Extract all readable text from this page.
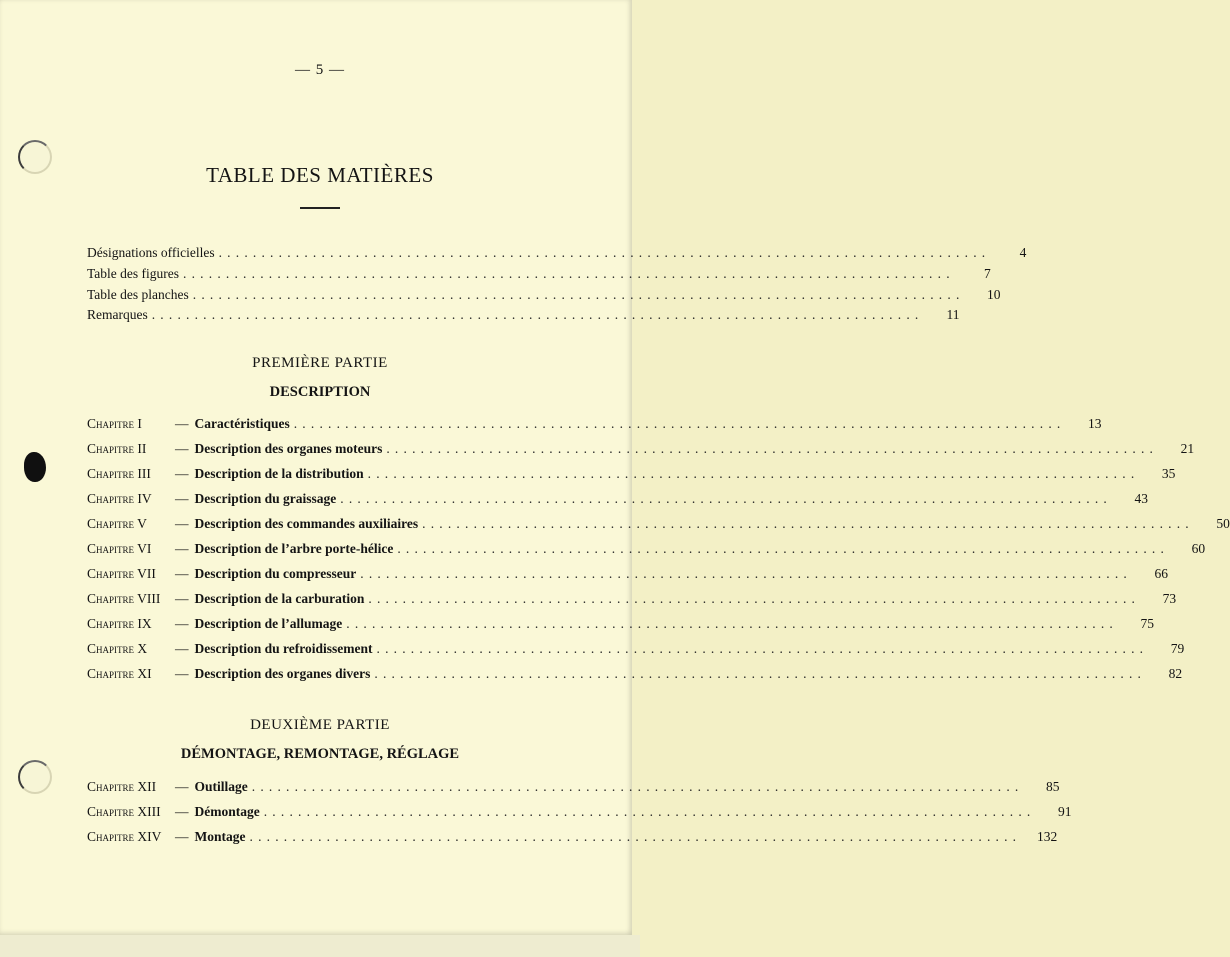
— 5 —
TABLE DES MATIÈRES
Désignations officielles ..........................................................................................	4
Table des figures ..........................................................................................	7
Table des planches ..........................................................................................	10
Remarques ..........................................................................................	11
PREMIÈRE PARTIE
DESCRIPTION
Chapitre I	— Caractéristiques ..........................................................................................	13
Chapitre II	— Description des organes moteurs ..........................................................................................	21
Chapitre III	— Description de la distribution ..........................................................................................	35
Chapitre IV	— Description du graissage ..........................................................................................	43
Chapitre V	— Description des commandes auxiliaires ..........................................................................................	50
Chapitre VI	— Description de l’arbre porte-hélice ..........................................................................................	60
Chapitre VII	— Description du compresseur ..........................................................................................	66
Chapitre VIII	— Description de la carburation ..........................................................................................	73
Chapitre IX	— Description de l’allumage ..........................................................................................	75
Chapitre X	— Description du refroidissement ..........................................................................................	79
Chapitre XI	— Description des organes divers ..........................................................................................	82
DEUXIÈME PARTIE
DÉMONTAGE, REMONTAGE, RÉGLAGE
Chapitre XII	— Outillage ..........................................................................................	85
Chapitre XIII	— Démontage ..........................................................................................	91
Chapitre XIV	— Montage ..........................................................................................	132
